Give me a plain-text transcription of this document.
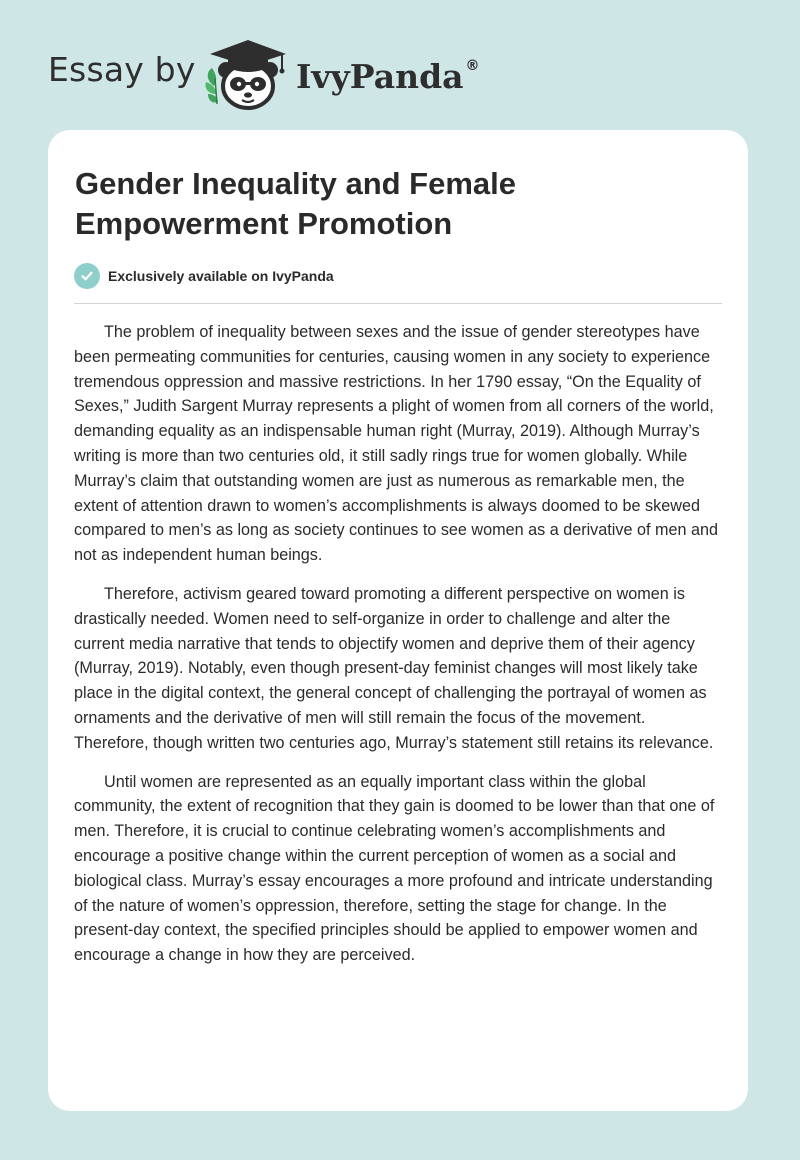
Essay by	IvyPanda ®
Gender Inequality and Female Empowerment Promotion
Exclusively available on IvyPanda

The problem of inequality between sexes and the issue of gender stereotypes have been permeating communities for centuries, causing women in any society to experience tremendous oppression and massive restrictions. In her 1790 essay, “On the Equality of Sexes,” Judith Sargent Murray represents a plight of women from all corners of the world, demanding equality as an indispensable human right (Murray, 2019). Although Murray’s writing is more than two centuries old, it still sadly rings true for women globally. While Murray’s claim that outstanding women are just as numerous as remarkable men, the extent of attention drawn to women’s accomplishments is always doomed to be skewed compared to men’s as long as society continues to see women as a derivative of men and not as independent human beings.

Therefore, activism geared toward promoting a different perspective on women is drastically needed. Women need to self-organize in order to challenge and alter the current media narrative that tends to objectify women and deprive them of their agency (Murray, 2019). Notably, even though present-day feminist changes will most likely take place in the digital context, the general concept of challenging the portrayal of women as ornaments and the derivative of men will still remain the focus of the movement. Therefore, though written two centuries ago, Murray’s statement still retains its relevance.

Until women are represented as an equally important class within the global community, the extent of recognition that they gain is doomed to be lower than that one of men. Therefore, it is crucial to continue celebrating women’s accomplishments and encourage a positive change within the current perception of women as a social and biological class. Murray’s essay encourages a more profound and intricate understanding of the nature of women’s oppression, therefore, setting the stage for change. In the present-day context, the specified principles should be applied to empower women and encourage a change in how they are perceived.
